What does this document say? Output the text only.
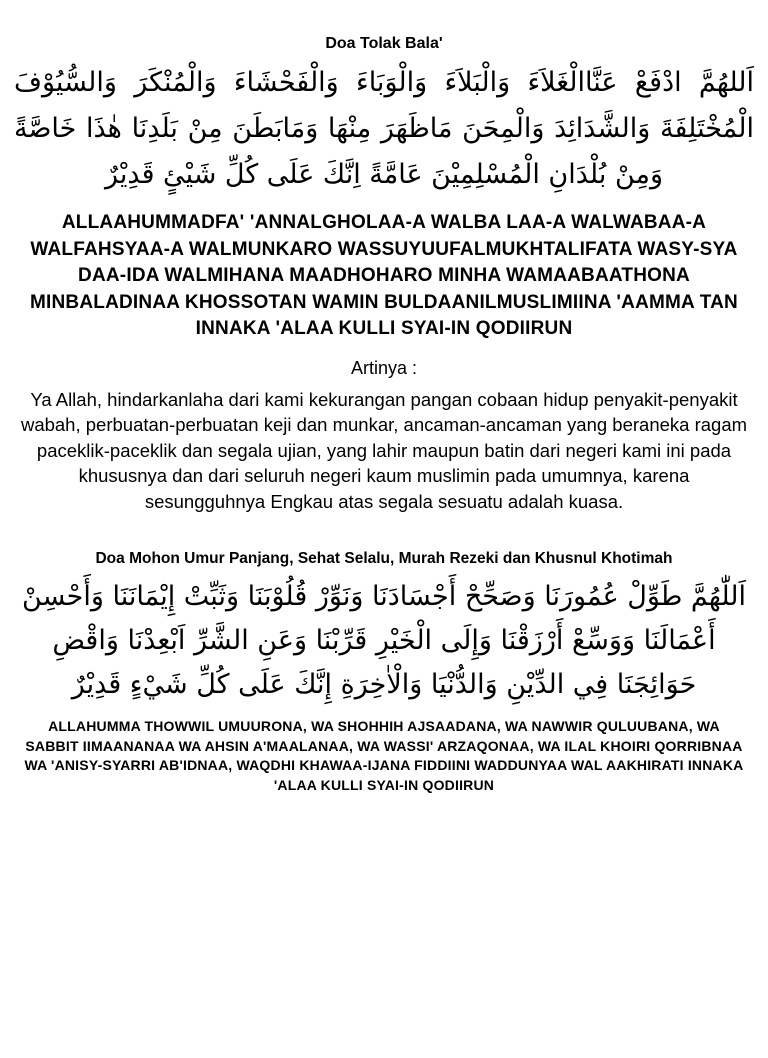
Doa Tolak Bala'

اَللهُمَّ ادْفَعْ عَنَّاالْغَلاَءَ وَالْبَلاَءَ وَالْوَبَاءَ وَالْفَحْشَاءَ وَالْمُنْكَرَ وَالسُّيُوْفَ الْمُخْتَلِفَةَ وَالشَّدَائِدَ وَالْمِحَنَ مَاظَهَرَ مِنْهَا وَمَابَطَنَ مِنْ بَلَدِنَا هٰذَا خَاصَّةً وَمِنْ بُلْدَانِ الْمُسْلِمِيْنَ عَامَّةً اِنَّكَ عَلَى كُلِّ شَيْئٍ قَدِيْرٌ

ALLAAHUMMADFA' 'ANNALGHOLAA-A WALBA LAA-A WALWABAA-A WALFAHSYAA-A WALMUNKARO WASSUYUUFALMUKHTALIFATA WASY-SYA DAA-IDA WALMIHANA MAADHOHARO MINHA WAMAABAATHONA MINBALADINAA KHOSSOTAN WAMIN BULDAANILMUSLIMIINA 'AAMMA TAN INNAKA 'ALAA KULLI SYAI-IN QODIIRUN

Artinya :

Ya Allah, hindarkanlaha dari kami kekurangan pangan cobaan hidup penyakit-penyakit wabah, perbuatan-perbuatan keji dan munkar, ancaman-ancaman yang beraneka ragam paceklik-paceklik dan segala ujian, yang lahir maupun batin dari negeri kami ini pada khususnya dan dari seluruh negeri kaum muslimin pada umumnya, karena sesungguhnya Engkau atas segala sesuatu adalah kuasa.

Doa Mohon Umur Panjang, Sehat Selalu, Murah Rezeki dan Khusnul Khotimah

اَللّٰهُمَّ طَوِّلْ عُمُورَنَا وَصَحِّحْ أَجْسَادَنَا وَنَوِّرْ قُلُوْبَنَا وَثَبِّتْ إِيْمَانَنَا وَأَحْسِنْ أَعْمَالَنَا وَوَسِّعْ أَرْزَقْنَا وَإِلَى الْخَيْرِ قَرِّبْنَا وَعَنِ الشَّرِّ اَبْعِدْنَا وَاقْضِ حَوَائِجَنَا فِي الدِّيْنِ وَالدُّنْيَا وَالْاٰخِرَةِ إِنَّكَ عَلَى كُلِّ شَيْءٍ قَدِيْرٌ

ALLAHUMMA THOWWIL UMUURONA, WA SHOHHIH AJSAADANA, WA NAWWIR QULUUBANA, WA SABBIT IIMAANANAA WA AHSIN A'MAALANAA, WA WASSI' ARZAQONAA, WA ILAL KHOIRI QORRIBNAA WA 'ANISY-SYARRI AB'IDNAA, WAQDHI KHAWAA-IJANA FIDDIINI WADDUNYAA WAL AAKHIRATI INNAKA 'ALAA KULLI SYAI-IN QODIIRUN
